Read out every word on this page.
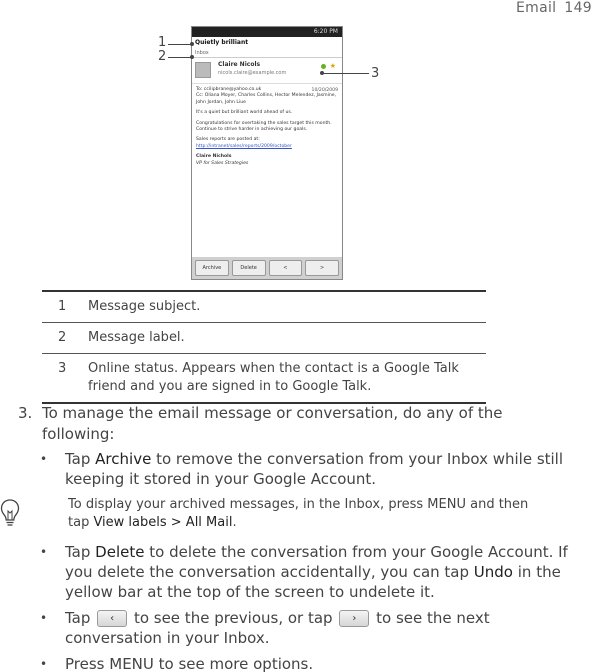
Email 149
6:20 PM
Quietly brilliant
Inbox
Claire Nicols
nicols.claire@example.com
★
10/20/2009

To: ccilipbrane@yahoo.co.uk
Cc: Oliana Moyer, Charles Collins, Hector Melendez, Jasmine, John Jordan, John Liue

It's a quiet but brilliant world ahead of us.

Congratulations for overtaking the sales target this month. Continue to strive harder in achieving our goals.

Sales reports are posted at: http://intranet/sales/reports/2009/october

Claire Nichols
VP for Sales Strategies

Archive	Delete	<	>
1
2
3
1	Message subject.
2	Message label.
3	Online status. Appears when the contact is a Google Talk friend and you are signed in to Google Talk.
3. To manage the email message or conversation, do any of the following:
• Tap Archive to remove the conversation from your Inbox while still keeping it stored in your Google Account.
To display your archived messages, in the Inbox, press MENU and then tap View labels > All Mail.
• Tap Delete to delete the conversation from your Google Account. If you delete the conversation accidentally, you can tap Undo in the yellow bar at the top of the screen to undelete it.
• Tap ‹ to see the previous, or tap › to see the next conversation in your Inbox.
• Press MENU to see more options.
